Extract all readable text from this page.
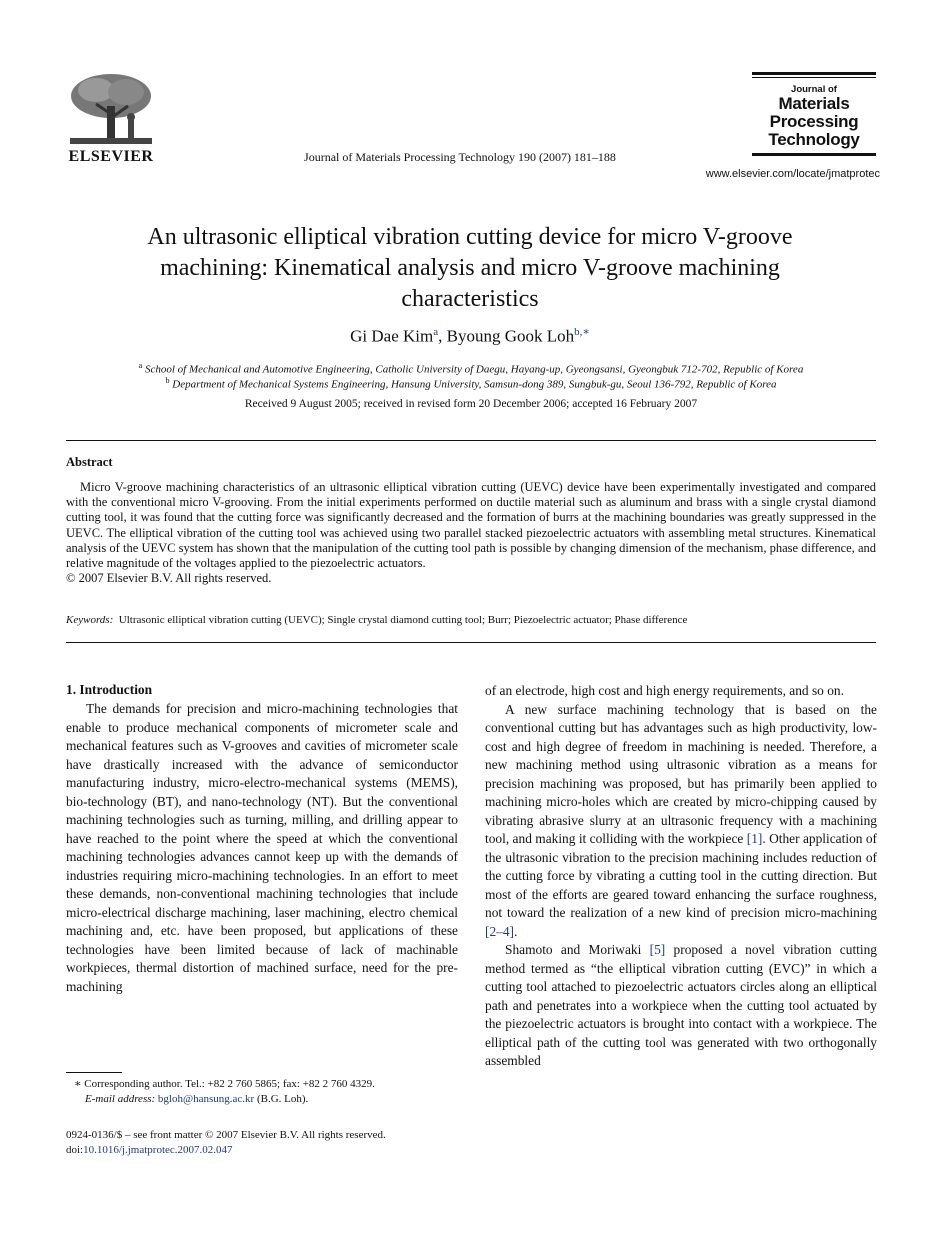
ELSEVIER	Journal of Materials Processing Technology 190 (2007) 181–188
Journal of
Materials
Processing
Technology
www.elsevier.com/locate/jmatprotec
An ultrasonic elliptical vibration cutting device for micro V-groove machining: Kinematical analysis and micro V-groove machining characteristics
Gi Dae Kim$^a$, Byoung Gook Loh$^{b,∗}$
$^a$ School of Mechanical and Automotive Engineering, Catholic University of Daegu, Hayang-up, Gyeongsansi, Gyeongbuk 712-702, Republic of Korea
$^b$ Department of Mechanical Systems Engineering, Hansung University, Samsun-dong 389, Sungbuk-gu, Seoul 136-792, Republic of Korea
Received 9 August 2005; received in revised form 20 December 2006; accepted 16 February 2007
Abstract
Micro V-groove machining characteristics of an ultrasonic elliptical vibration cutting (UEVC) device have been experimentally investigated and compared with the conventional micro V-grooving. From the initial experiments performed on ductile material such as aluminum and brass with a single crystal diamond cutting tool, it was found that the cutting force was significantly decreased and the formation of burrs at the machining boundaries was greatly suppressed in the UEVC. The elliptical vibration of the cutting tool was achieved using two parallel stacked piezoelectric actuators with assembling metal structures. Kinematical analysis of the UEVC system has shown that the manipulation of the cutting tool path is possible by changing dimension of the mechanism, phase difference, and relative magnitude of the voltages applied to the piezoelectric actuators.
© 2007 Elsevier B.V. All rights reserved.
Keywords: Ultrasonic elliptical vibration cutting (UEVC); Single crystal diamond cutting tool; Burr; Piezoelectric actuator; Phase difference
1. Introduction

The demands for precision and micro-machining technologies that enable to produce mechanical components of micrometer scale and mechanical features such as V-grooves and cavities of micrometer scale have drastically increased with the advance of semiconductor manufacturing industry, micro-electro-mechanical systems (MEMS), bio-technology (BT), and nano-technology (NT). But the conventional machining technologies such as turning, milling, and drilling appear to have reached to the point where the speed at which the conventional machining technologies advances cannot keep up with the demands of industries requiring micro-machining technologies. In an effort to meet these demands, non-conventional machining technologies that include micro-electrical discharge machining, laser machining, electro chemical machining and, etc. have been proposed, but applications of these technologies have been limited because of lack of machinable workpieces, thermal distortion of machined surface, need for the pre-machining

of an electrode, high cost and high energy requirements, and so on.

A new surface machining technology that is based on the conventional cutting but has advantages such as high productivity, low-cost and high degree of freedom in machining is needed. Therefore, a new machining method using ultrasonic vibration as a means for precision machining was proposed, but has primarily been applied to machining micro-holes which are created by micro-chipping caused by vibrating abrasive slurry at an ultrasonic frequency with a machining tool, and making it colliding with the workpiece [1]. Other application of the ultrasonic vibration to the precision machining includes reduction of the cutting force by vibrating a cutting tool in the cutting direction. But most of the efforts are geared toward enhancing the surface roughness, not toward the realization of a new kind of precision micro-machining [2–4].

Shamoto and Moriwaki [5] proposed a novel vibration cutting method termed as “the elliptical vibration cutting (EVC)” in which a cutting tool attached to piezoelectric actuators circles along an elliptical path and penetrates into a workpiece when the cutting tool actuated by the piezoelectric actuators is brought into contact with a workpiece. The elliptical path of the cutting tool was generated with two orthogonally assembled

∗ Corresponding author. Tel.: +82 2 760 5865; fax: +82 2 760 4329.
E-mail address: bgloh@hansung.ac.kr (B.G. Loh).
0924-0136/$ – see front matter © 2007 Elsevier B.V. All rights reserved.
doi:10.1016/j.jmatprotec.2007.02.047
